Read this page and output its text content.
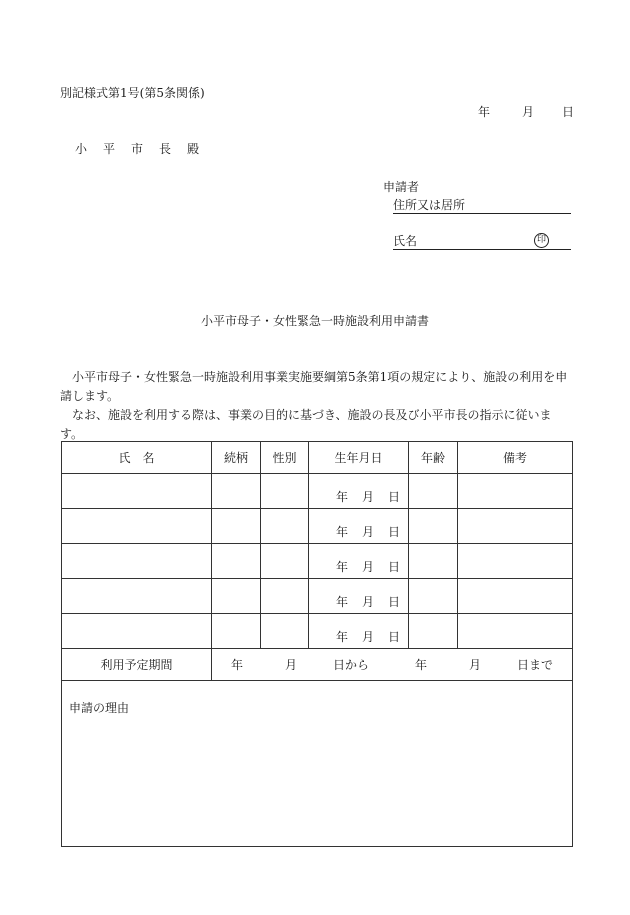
別記様式第1号(第5条関係)
年	月 日
小 平 市 長 殿
申請者
住所又は居所
氏名	印
小平市母子・女性緊急一時施設利用申請書

小平市母子・女性緊急一時施設利用事業実施要綱第5条第1項の規定により、施設の利用を申請します。

なお、施設を利用する際は、事業の目的に基づき、施設の長及び小平市長の指示に従います。

氏　名	続柄	性別	生年月日	年齢	備考
			年 月 日		
			年 月 日		
			年 月 日		
			年 月 日		
			年 月 日		
利用予定期間	年 月 日から 年 月 日まで				
申請の理由					
